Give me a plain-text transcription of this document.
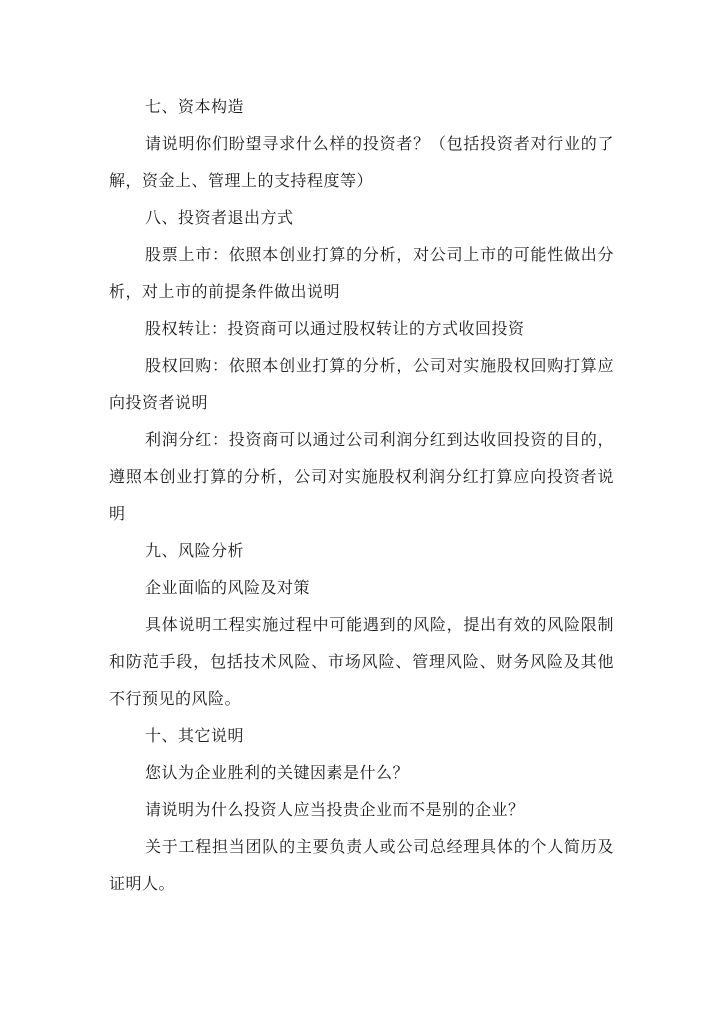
七、资本构造

请说明你们盼望寻求什么样的投资者？（包括投资者对行业的了解，资金上、管理上的支持程度等）

八、投资者退出方式

股票上市：依照本创业打算的分析，对公司上市的可能性做出分析，对上市的前提条件做出说明

股权转让：投资商可以通过股权转让的方式收回投资

股权回购：依照本创业打算的分析，公司对实施股权回购打算应向投资者说明

利润分红：投资商可以通过公司利润分红到达收回投资的目的，遵照本创业打算的分析，公司对实施股权利润分红打算应向投资者说明

九、风险分析

企业面临的风险及对策

具体说明工程实施过程中可能遇到的风险，提出有效的风险限制和防范手段，包括技术风险、市场风险、管理风险、财务风险及其他不行预见的风险。

十、其它说明

您认为企业胜利的关键因素是什么？

请说明为什么投资人应当投贵企业而不是别的企业？

关于工程担当团队的主要负责人或公司总经理具体的个人简历及证明人。
